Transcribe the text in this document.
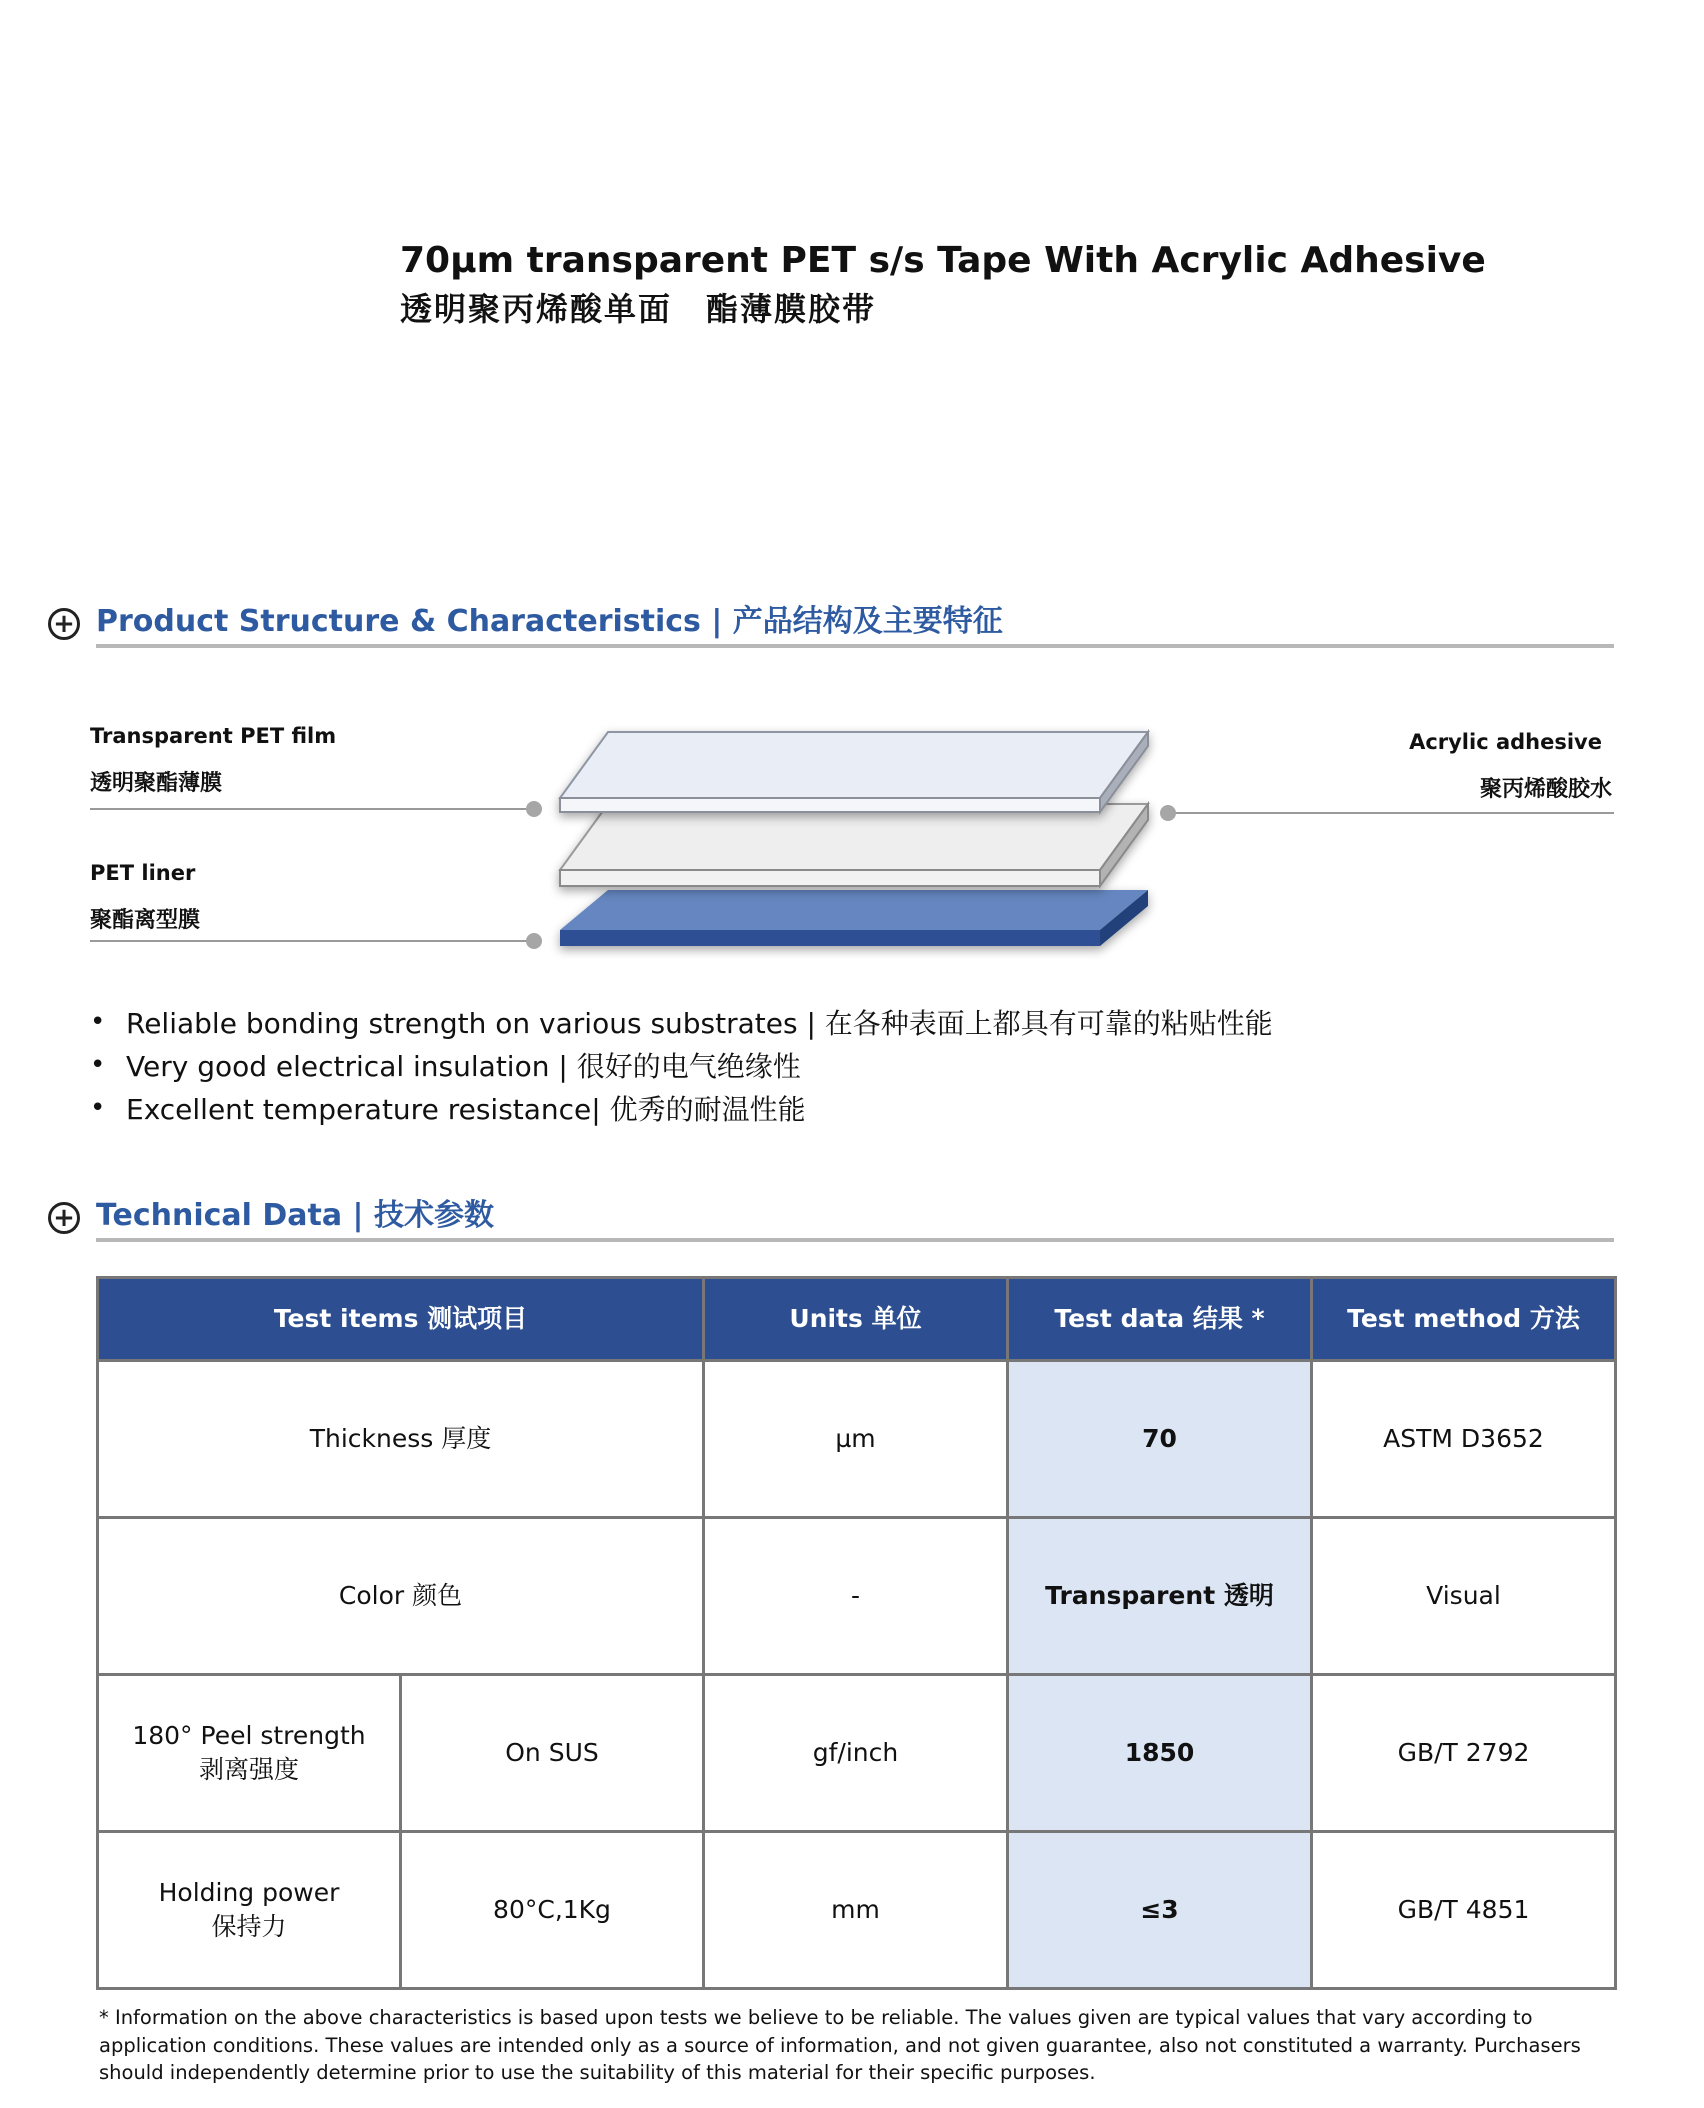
70µm transparent PET s/s Tape With Acrylic Adhesive
透明聚丙烯酸单面　酯薄膜胶带
+ Product Structure & Characteristics | 产品结构及主要特征
Transparent PET film
透明聚酯薄膜
PET liner
聚酯离型膜
Acrylic adhesive
聚丙烯酸胶水
• Reliable bonding strength on various substrates | 在各种表面上都具有可靠的粘贴性能
• Very good electrical insulation | 很好的电气绝缘性
• Excellent temperature resistance| 优秀的耐温性能
+ Technical Data | 技术参数
Test items 测试项目		Units 单位	Test data 结果 *	Test method 方法
Thickness 厚度		µm	70	ASTM D3652
Color 颜色		-	Transparent 透明	Visual

180° Peel strength
剥离强度	On SUS	gf/inch	1850	GB/T 2792

Holding power
保持力	80°C,1Kg	mm	≤3	GB/T 4851
* Information on the above characteristics is based upon tests we believe to be reliable. The values given are typical values that vary according to application conditions. These values are intended only as a source of information, and not given guarantee, also not constituted a warranty. Purchasers should independently determine prior to use the suitability of this material for their specific purposes.
